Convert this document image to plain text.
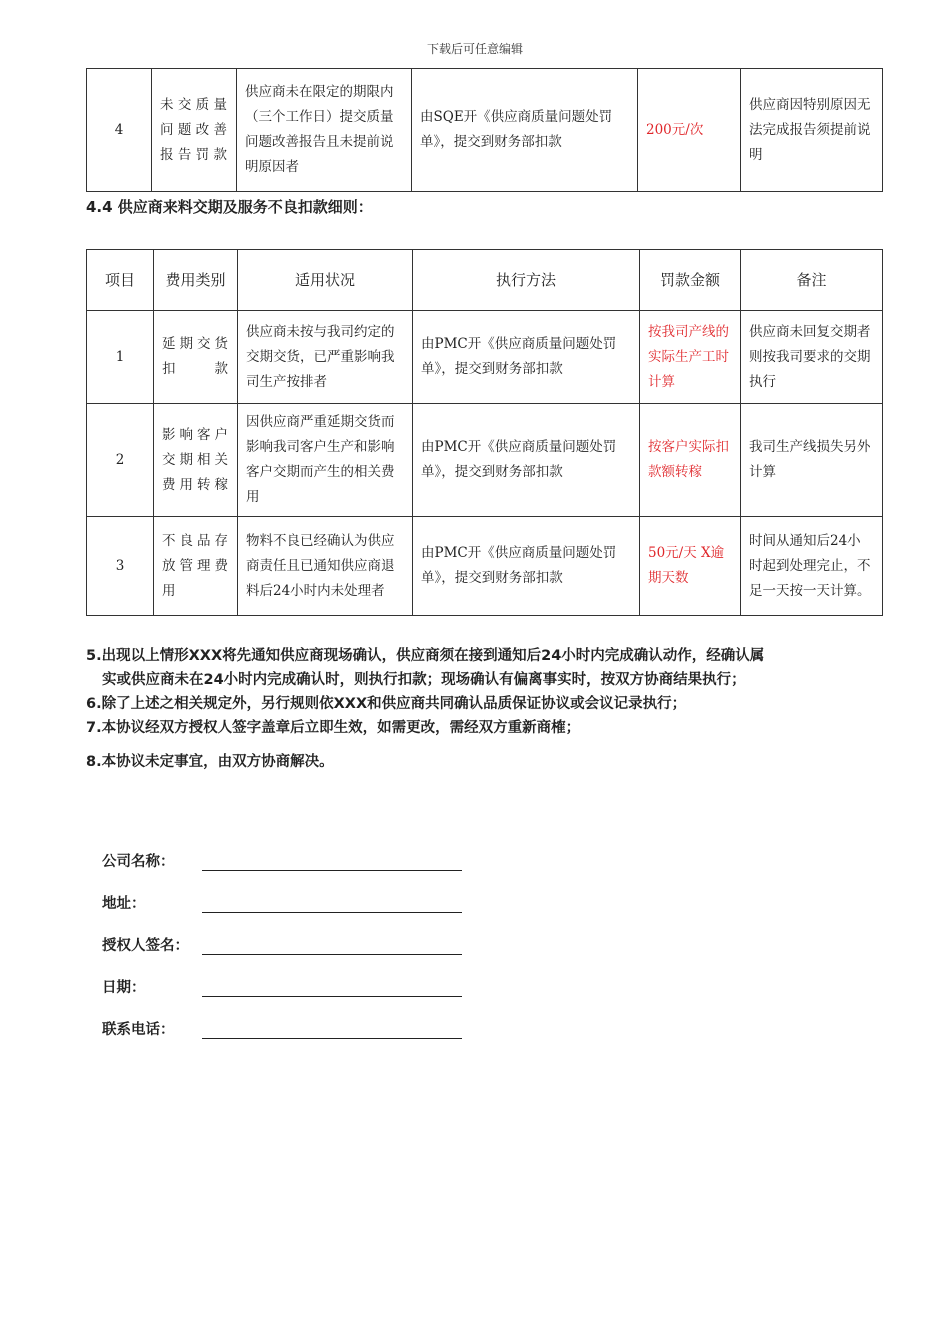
下载后可任意编辑
4	未交质量问题改善报告罚款	供应商未在限定的期限内（三个工作日）提交质量问题改善报告且未提前说明原因者	由SQE开《供应商质量问题处罚单》，提交到财务部扣款	200元/次	供应商因特别原因无法完成报告须提前说明
4.4 供应商来料交期及服务不良扣款细则：
项目	费用类别	适用状况	执行方法	罚款金额	备注
1	延期交货扣款	供应商未按与我司约定的交期交货，已严重影响我司生产按排者	由PMC开《供应商质量问题处罚单》，提交到财务部扣款	按我司产线的实际生产工时计算	供应商未回复交期者则按我司要求的交期执行
2	影响客户交期相关费用转稼	因供应商严重延期交货而影响我司客户生产和影响客户交期而产生的相关费用	由PMC开《供应商质量问题处罚单》，提交到财务部扣款	按客户实际扣款额转稼	我司生产线损失另外计算
3	不良品存放管理费用	物料不良已经确认为供应商责任且已通知供应商退料后24小时内未处理者	由PMC开《供应商质量问题处罚单》，提交到财务部扣款	50元/天 X逾期天数	时间从通知后24小时起到处理完止，不足一天按一天计算。
5.出现以上情形XXX将先通知供应商现场确认，供应商须在接到通知后24小时内完成确认动作，经确认属
实或供应商未在24小时内完成确认时，则执行扣款；现场确认有偏离事实时，按双方协商结果执行；
6.除了上述之相关规定外，另行规则依XXX和供应商共同确认品质保证协议或会议记录执行；
7.本协议经双方授权人签字盖章后立即生效，如需更改，需经双方重新商榷；
8.本协议未定事宜，由双方协商解决。
公司名称：
地址：
授权人签名：
日期：
联系电话：
